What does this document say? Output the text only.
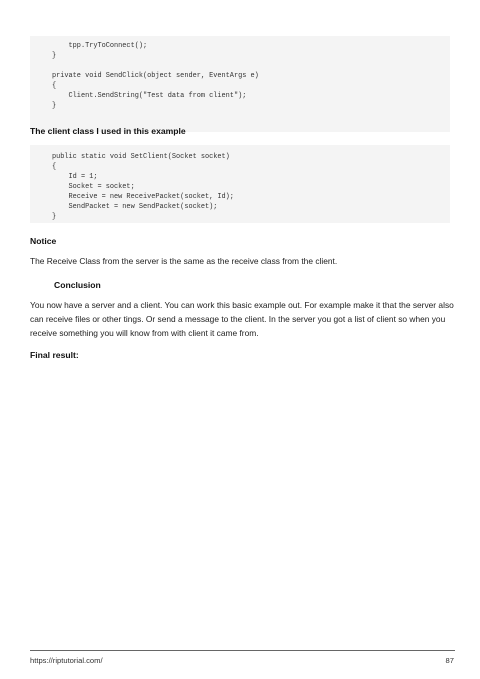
tpp.TryToConnect();
}
private void SendClick(object sender, EventArgs e)
{
Client.SendString("Test data from client");
}
The client class I used in this example
public static void SetClient(Socket socket)
{
Id = 1;
Socket = socket;
Receive = new ReceivePacket(socket, Id);
SendPacket = new SendPacket(socket);
}
Notice
The Receive Class from the server is the same as the receive class from the client.
Conclusion
You now have a server and a client. You can work this basic example out. For example make it that the server also can receive files or other tings. Or send a message to the client. In the server you got a list of client so when you receive something you will know from with client it came from.
Final result:
https://riptutorial.com/	87
